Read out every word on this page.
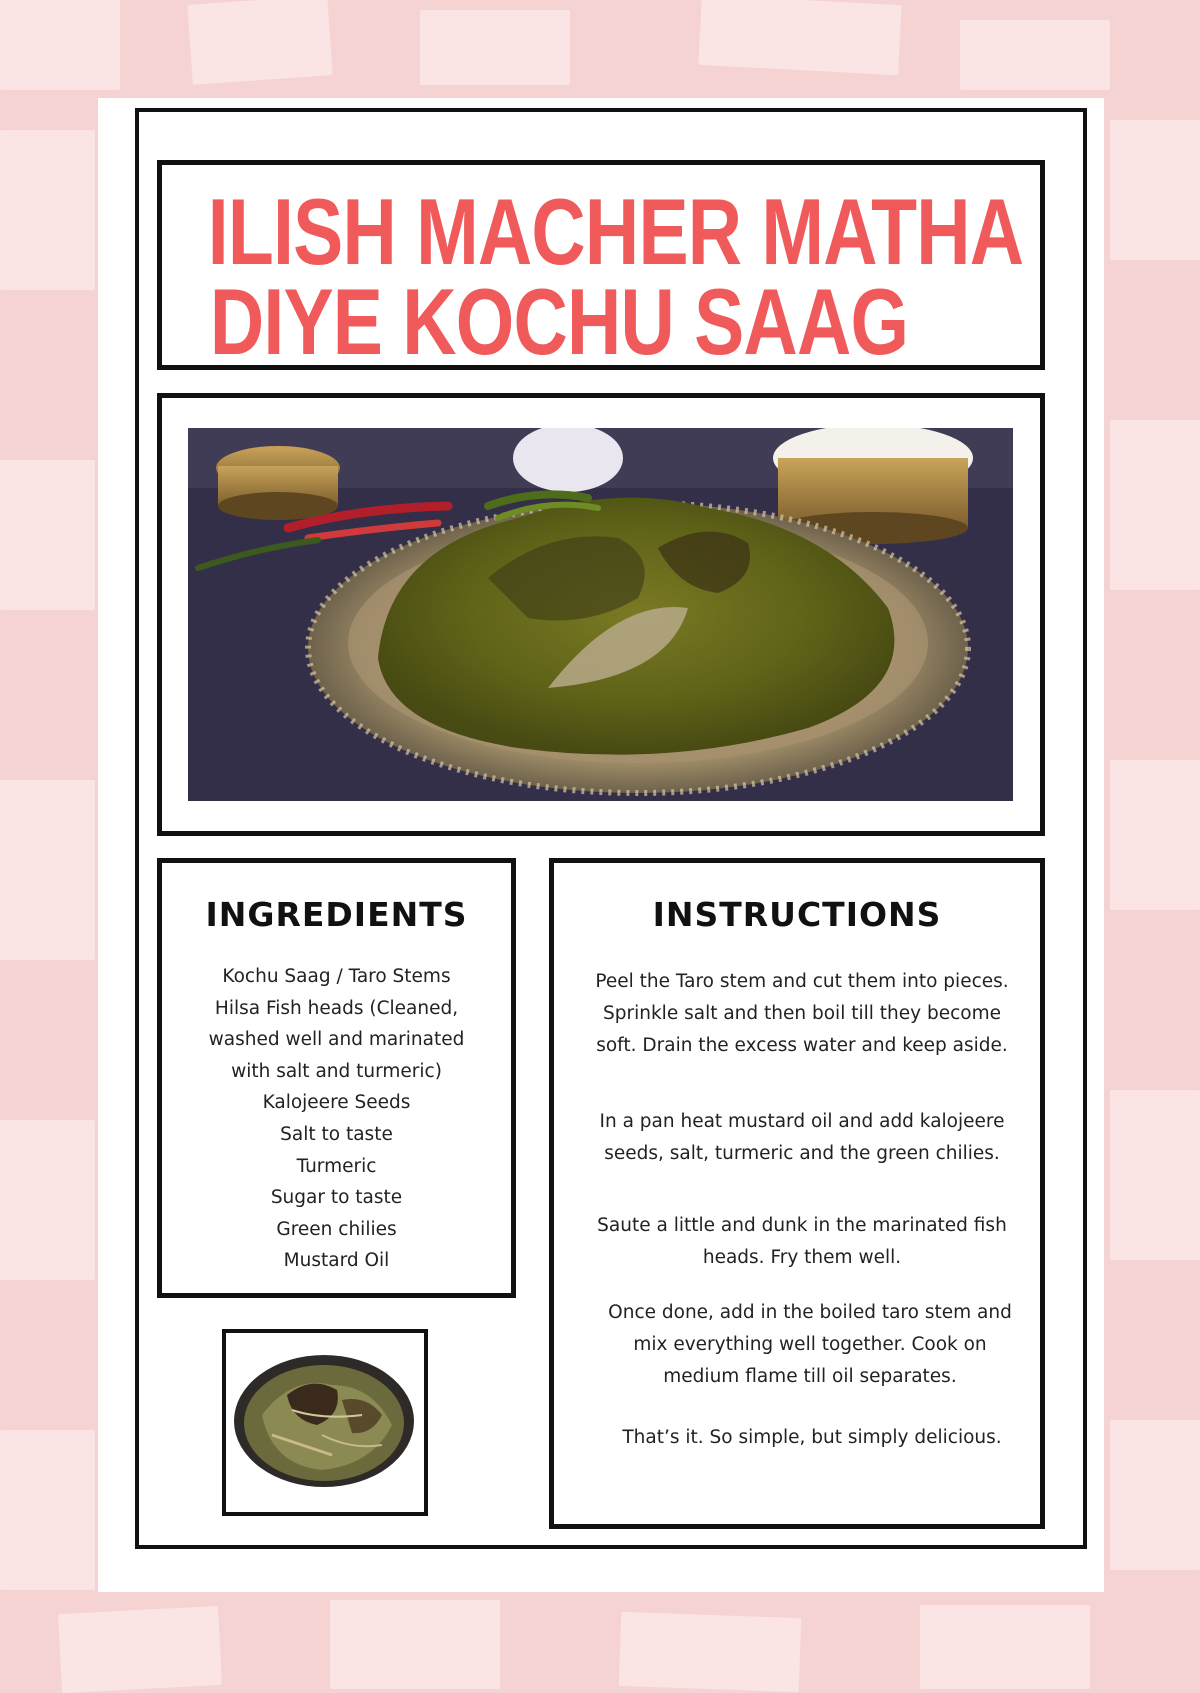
ILISH MACHER MATHA
DIYE KOCHU SAAG
INGREDIENTS
Kochu Saag / Taro Stems
Hilsa Fish heads (Cleaned,
washed well and marinated
with salt and turmeric)
Kalojeere Seeds
Salt to taste
Turmeric
Sugar to taste
Green chilies
Mustard Oil
INSTRUCTIONS

Peel the Taro stem and cut them into pieces.
Sprinkle salt and then boil till they become
soft. Drain the excess water and keep aside.

In a pan heat mustard oil and add kalojeere
seeds, salt, turmeric and the green chilies.

Saute a little and dunk in the marinated fish
heads. Fry them well.

Once done, add in the boiled taro stem and
mix everything well together. Cook on
medium flame till oil separates.

That’s it. So simple, but simply delicious.
